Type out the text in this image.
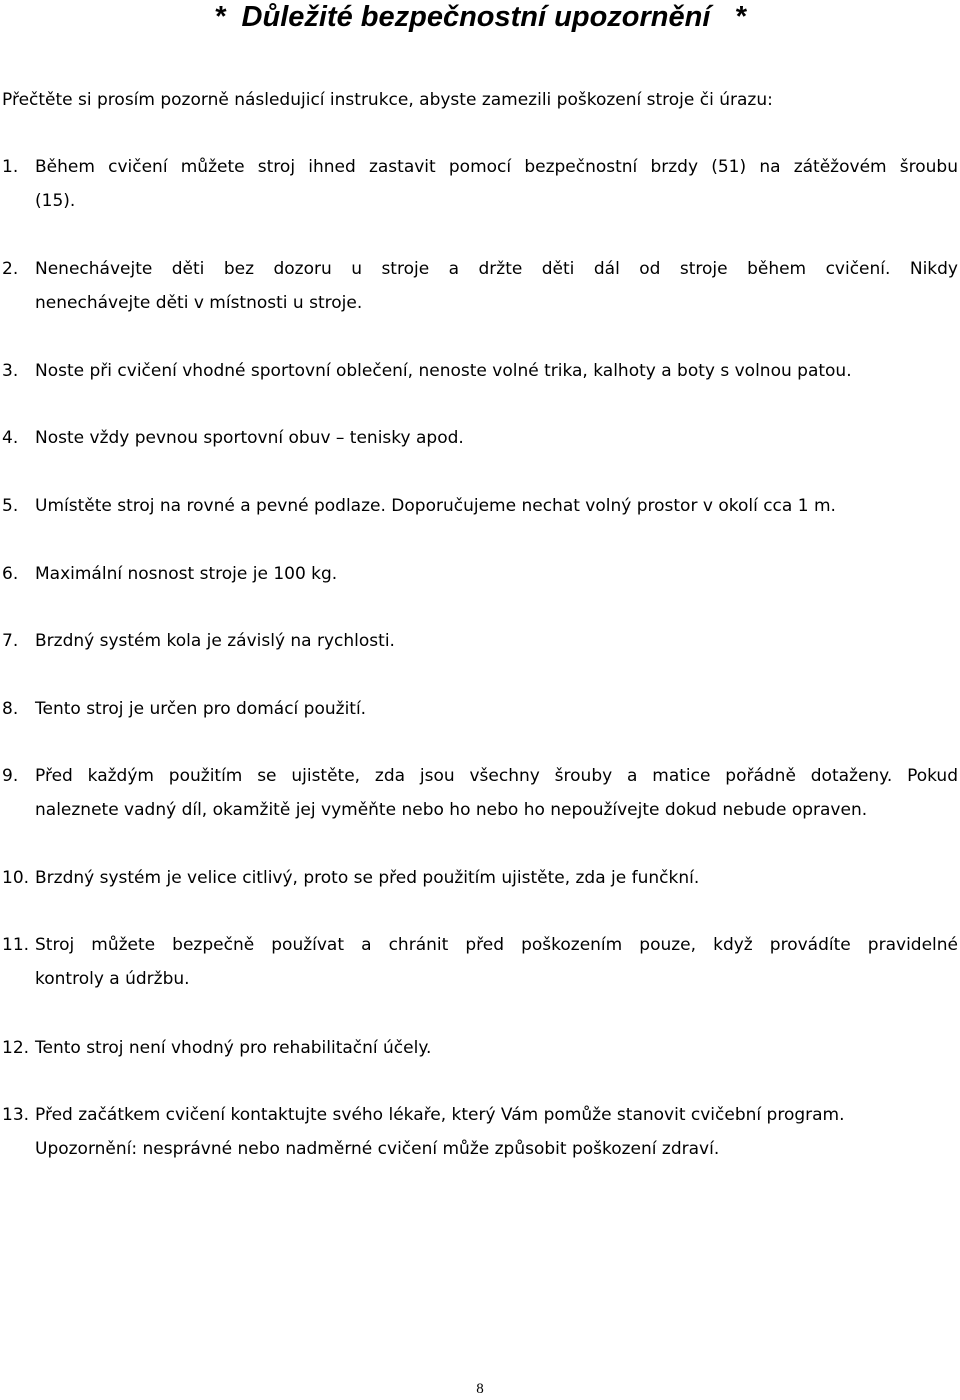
*  Důležité bezpečnostní upozornění   *
Přečtěte si prosím pozorně následujicí instrukce, abyste zamezili poškození stroje či úrazu:
1. Během cvičení můžete stroj ihned zastavit pomocí bezpečnostní brzdy (51) na zátěžovém šroubu
(15).
2. Nenechávejte děti bez dozoru u stroje a držte děti dál od stroje během cvičení. Nikdy
nenechávejte děti v místnosti u stroje.
3. Noste při cvičení vhodné sportovní oblečení, nenoste volné trika, kalhoty a boty s volnou patou.
4. Noste vždy pevnou sportovní obuv – tenisky apod.
5. Umístěte stroj na rovné a pevné podlaze. Doporučujeme nechat volný prostor v okolí cca 1 m.
6. Maximální nosnost stroje je 100 kg.
7. Brzdný systém kola je závislý na rychlosti.
8. Tento stroj je určen pro domácí použití.
9. Před každým použitím se ujistěte, zda jsou všechny šrouby a matice pořádně dotaženy. Pokud
naleznete vadný díl, okamžitě jej vyměňte nebo ho nebo ho nepoužívejte dokud nebude opraven.
10. Brzdný systém je velice citlivý, proto se před použitím ujistěte, zda je funčkní.
11. Stroj můžete bezpečně používat a chránit před poškozením pouze, když provádíte pravidelné
kontroly a údržbu.
12. Tento stroj není vhodný pro rehabilitační účely.
13. Před začátkem cvičení kontaktujte svého lékaře, který Vám pomůže stanovit cvičební program.
Upozornění: nesprávné nebo nadměrné cvičení může způsobit poškození zdraví.
8
